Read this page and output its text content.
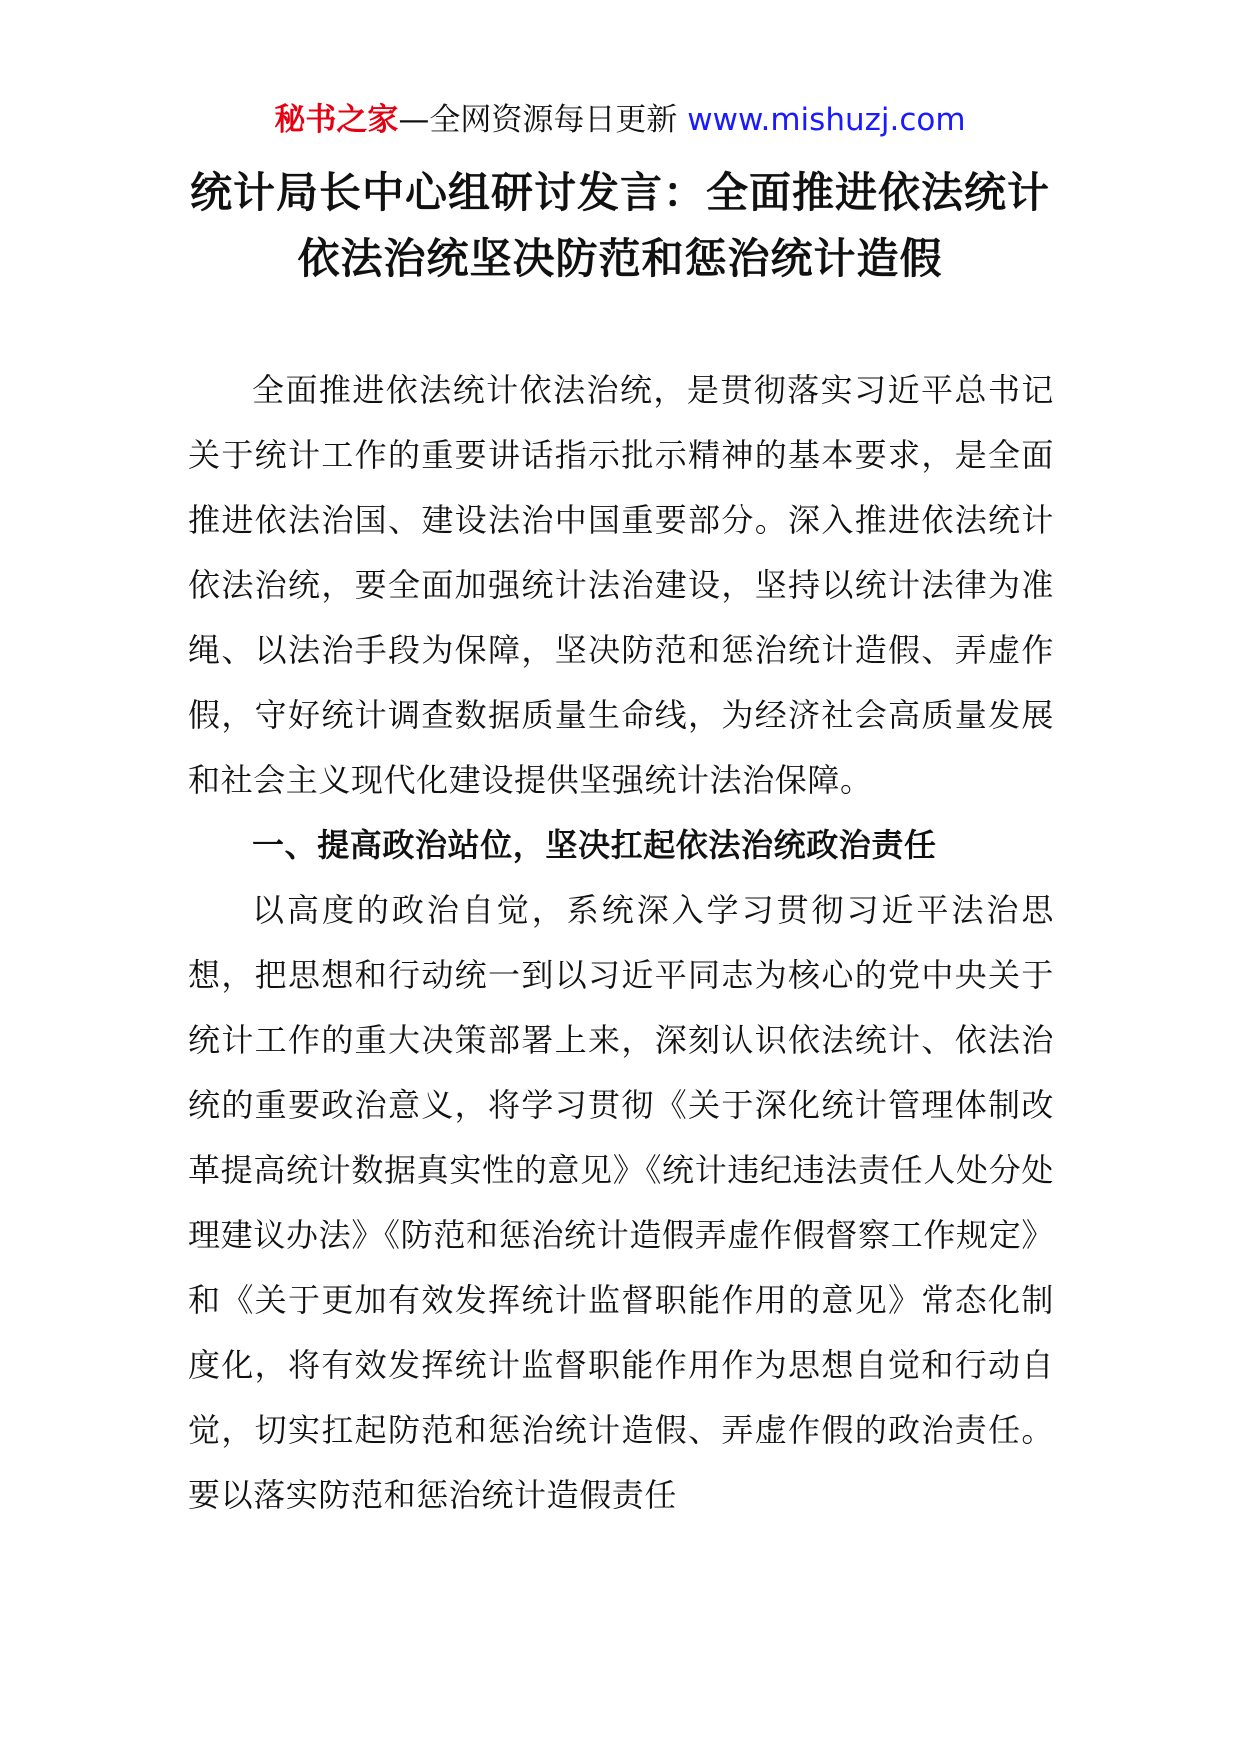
秘书之家—全网资源每日更新 www.mishuzj.com
统计局长中心组研讨发言：全面推进依法统计
依法治统坚决防范和惩治统计造假

全面推进依法统计依法治统，是贯彻落实习近平总书记关于统计工作的重要讲话指示批示精神的基本要求，是全面推进依法治国、建设法治中国重要部分。深入推进依法统计依法治统，要全面加强统计法治建设，坚持以统计法律为准绳、以法治手段为保障，坚决防范和惩治统计造假、弄虚作假，守好统计调查数据质量生命线，为经济社会高质量发展和社会主义现代化建设提供坚强统计法治保障。

一、提高政治站位，坚决扛起依法治统政治责任

以高度的政治自觉，系统深入学习贯彻习近平法治思想，把思想和行动统一到以习近平同志为核心的党中央关于统计工作的重大决策部署上来，深刻认识依法统计、依法治统的重要政治意义，将学习贯彻《关于深化统计管理体制改革提高统计数据真实性的意见》《统计违纪违法责任人处分处理建议办法》《防范和惩治统计造假弄虚作假督察工作规定》和《关于更加有效发挥统计监督职能作用的意见》常态化制度化，将有效发挥统计监督职能作用作为思想自觉和行动自觉，切实扛起防范和惩治统计造假、弄虚作假的政治责任。要以落实防范和惩治统计造假责任
